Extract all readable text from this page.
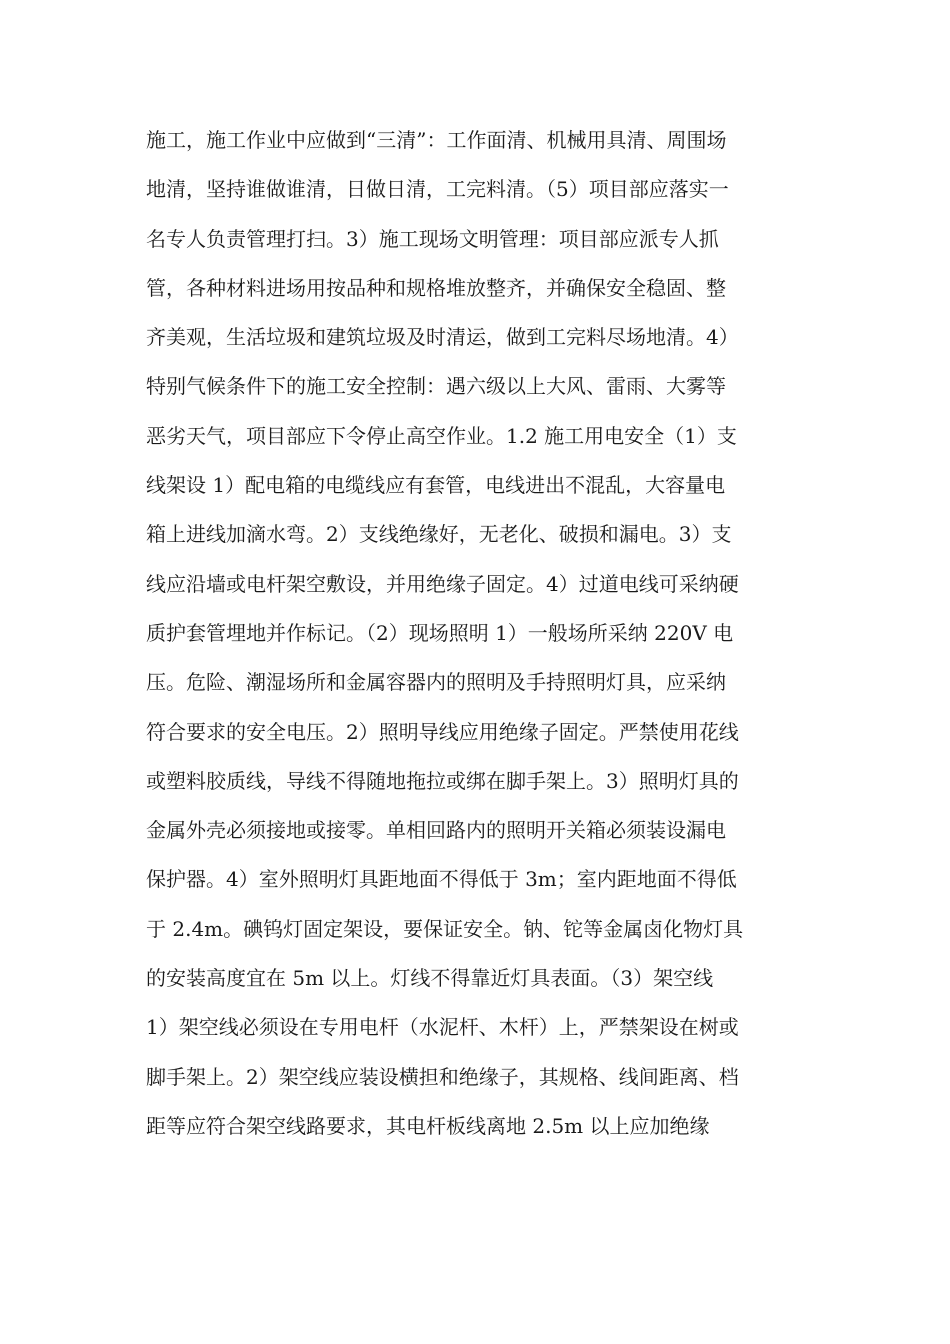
施工，施工作业中应做到“三清”：工作面清、机械用具清、周围场
地清，坚持谁做谁清，日做日清，工完料清。（5）项目部应落实一
名专人负责管理打扫。3）施工现场文明管理：项目部应派专人抓
管，各种材料进场用按品种和规格堆放整齐，并确保安全稳固、整
齐美观，生活垃圾和建筑垃圾及时清运，做到工完料尽场地清。4）
特别气候条件下的施工安全控制：遇六级以上大风、雷雨、大雾等
恶劣天气，项目部应下令停止高空作业。1.2 施工用电安全（1）支
线架设 1）配电箱的电缆线应有套管，电线进出不混乱，大容量电
箱上进线加滴水弯。2）支线绝缘好，无老化、破损和漏电。3）支
线应沿墙或电杆架空敷设，并用绝缘子固定。4）过道电线可采纳硬
质护套管埋地并作标记。（2）现场照明 1）一般场所采纳 220V 电
压。危险、潮湿场所和金属容器内的照明及手持照明灯具，应采纳
符合要求的安全电压。2）照明导线应用绝缘子固定。严禁使用花线
或塑料胶质线，导线不得随地拖拉或绑在脚手架上。3）照明灯具的
金属外壳必须接地或接零。单相回路内的照明开关箱必须装设漏电
保护器。4）室外照明灯具距地面不得低于 3m；室内距地面不得低
于 2.4m。碘钨灯固定架设，要保证安全。钠、铊等金属卤化物灯具
的安装高度宜在 5m 以上。灯线不得靠近灯具表面。（3）架空线
1）架空线必须设在专用电杆（水泥杆、木杆）上，严禁架设在树或
脚手架上。2）架空线应装设横担和绝缘子，其规格、线间距离、档
距等应符合架空线路要求，其电杆板线离地 2.5m 以上应加绝缘
